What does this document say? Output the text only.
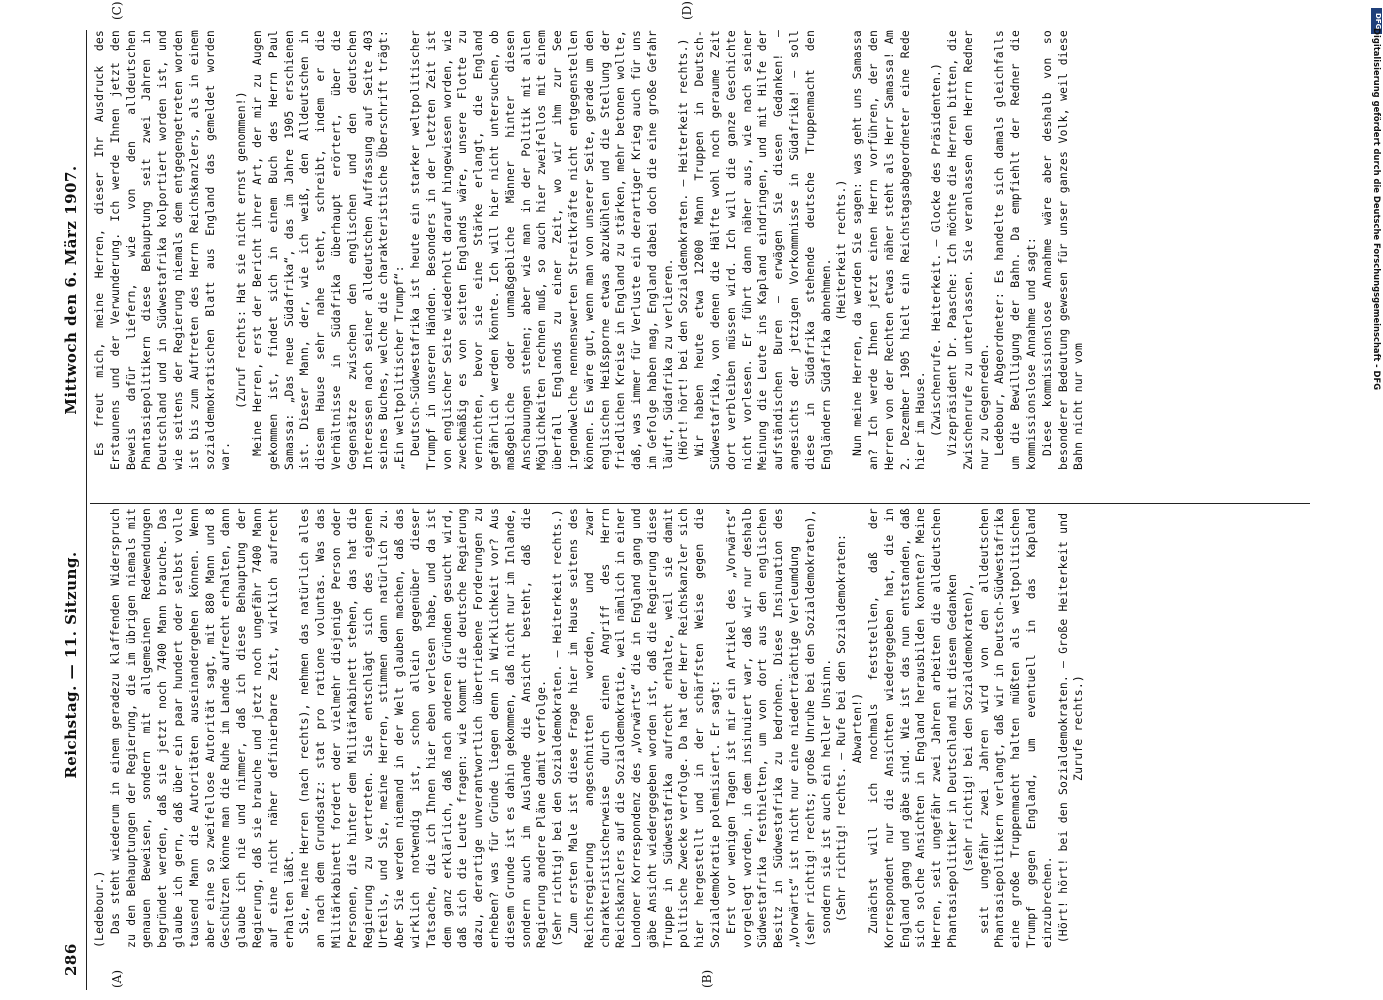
286
Reichstag. — 11. Sitzung.
Mittwoch den 6. März 1907.
(A)	(B)
(C)	(D)

(Ledebour.) Das steht wiederum in einem geradezu klaffenden Widerspruch zu den Behauptungen der Regierung, die im übrigen niemals mit genauen Beweisen, sondern mit allgemeinen Redewendungen begründet werden, daß sie jetzt noch 7400 Mann brauche. Das glaube ich gern, daß über ein paar hundert oder selbst volle tausend Mann die Autoritäten auseinandergehen können. Wenn aber eine so zweifellose Autorität sagt, mit 880 Mann und 8 Geschützen könne man die Ruhe im Lande aufrecht erhalten, dann glaube ich nie und nimmer, daß ich diese Behauptung der Regierung, daß sie brauche und jetzt noch ungefähr 7400 Mann auf eine nicht näher definierbare Zeit, wirklich aufrecht erhalten läßt. Sie, meine Herren (nach rechts), nehmen das natürlich alles an nach dem Grundsatz: stat pro ratione voluntas. Was das Militärkabinett fordert oder vielmehr diejenige Person oder Personen, die hinter dem Militärkabinett stehen, das hat die Regierung zu vertreten. Sie entschlägt sich des eigenen Urteils, und Sie, meine Herren, stimmen dann natürlich zu. Aber Sie werden niemand in der Welt glauben machen, daß das wirklich notwendig ist, schon allein gegenüber dieser Tatsache, die ich Ihnen hier eben verlesen habe, und da ist dem ganz erklärlich, daß nach anderen Gründen gesucht wird, daß sich die Leute fragen: wie kommt die deutsche Regierung dazu, derartige unverantwortlich übertriebene Forderungen zu erheben? was für Gründe liegen denn in Wirklichkeit vor? Aus diesem Grunde ist es dahin gekommen, daß nicht nur im Inlande, sondern auch im Auslande die Ansicht besteht, daß die Regierung andere Pläne damit verfolge. (Sehr richtig! bei den Sozialdemokraten. — Heiterkeit rechts.) Zum ersten Male ist diese Frage hier im Hause seitens des Reichsregierung angeschnitten worden, und zwar charakteristischerweise durch einen Angriff des Herrn Reichskanzlers auf die Sozialdemokratie, weil nämlich in einer Londoner Korrespondenz des „Vorwärts“ die in England gang und gäbe Ansicht wiedergegeben worden ist, daß die Regierung diese Truppe in Südwestafrika aufrecht erhalte, weil sie damit politische Zwecke verfolge. Da hat der Herr Reichskanzler sich hier hergestellt und in der schärfsten Weise gegen die Sozialdemokratie polemisiert. Er sagt: Erst vor wenigen Tagen ist mir ein Artikel des „Vorwärts“ vorgelegt worden, in dem insinuiert war, daß wir nur deshalb Südwestafrika festhielten, um von dort aus den englischen Besitz in Südwestafrika zu bedrohen. Diese Insinuation des „Vorwärts“ ist nicht nur eine niederträchtige Verleumdung (sehr richtig! rechts; große Unruhe bei den Sozialdemokraten), sondern sie ist auch ein heller Unsinn. (Sehr richtig! rechts. — Rufe bei den Sozialdemokraten: Abwarten!) Zunächst will ich nochmals feststellen, daß der Korrespondent nur die Ansichten wiedergegeben hat, die in England gang und gäbe sind. Wie ist das nun entstanden, daß sich solche Ansichten in England herausbilden konnten? Meine Herren, seit ungefähr zwei Jahren arbeiten die alldeutschen Phantasiepolitiker in Deutschland mit diesem Gedanken (sehr richtig! bei den Sozialdemokraten), seit ungefähr zwei Jahren wird von den alldeutschen Phantasiepolitikern verlangt, daß wir in Deutsch-Südwestafrika eine große Truppenmacht halten müßten als weltpolitischen Trumpf gegen England, um eventuell in das Kapland einzubrechen. (Hört! hört! bei den Sozialdemokraten. — Große Heiterkeit und Zurufe rechts.)

Es freut mich, meine Herren, dieser Ihr Ausdruck des Erstaunens und der Verwunderung. Ich werde Ihnen jetzt den Beweis dafür liefern, wie von den alldeutschen Phantasiepolitikern diese Behauptung seit zwei Jahren in Deutschland und in Südwestafrika kolportiert worden ist, und wie seitens der Regierung niemals dem entgegengetreten worden ist bis zum Auftreten des Herrn Reichskanzlers, als in einem sozialdemokratischen Blatt aus England das gemeldet worden war.

(Zuruf rechts: Hat sie nicht ernst genommen!) Meine Herren, erst der Bericht ihrer Art, der mir zu Augen gekommen ist, findet sich in einem Buch des Herrn Paul Samassa: „Das neue Südafrika“, das im Jahre 1905 erschienen ist. Dieser Mann, der, wie ich weiß, den Alldeutschen in diesem Hause sehr nahe steht, schreibt, indem er die Verhältnisse in Südafrika überhaupt erörtert, über die Gegensätze zwischen den englischen und den deutschen Interessen nach seiner alldeutschen Auffassung auf Seite 403 seines Buches, welche die charakteristische Überschrift trägt: „Ein weltpolitischer Trumpf“: Deutsch-Südwestafrika ist heute ein starker weltpolitischer Trumpf in unseren Händen. Besonders in der letzten Zeit ist von englischer Seite wiederholt darauf hingewiesen worden, wie zweckmäßig es von seiten Englands wäre, unsere Flotte zu vernichten, bevor sie eine Stärke erlangt, die England gefährlich werden könnte. Ich will hier nicht untersuchen, ob maßgebliche oder unmaßgebliche Männer hinter diesen Anschauungen stehen; aber wie man in der Politik mit allen Möglichkeiten rechnen muß, so auch hier zweifellos mit einem überfall Englands zu einer Zeit, wo wir ihm zur See irgendwelche nennenswerten Streitkräfte nicht entgegenstellen können. Es wäre gut, wenn man von unserer Seite, gerade um den englischen Heißsporne etwas abzukühlen und die Stellung der friedlichen Kreise in England zu stärken, mehr betonen wollte, daß, was immer für Verluste ein derartiger Krieg auch für uns im Gefolge haben mag, England dabei doch die eine große Gefahr läuft, Südafrika zu verlieren. (Hört! hört! bei den Sozialdemokraten. — Heiterkeit rechts.) Wir haben heute etwa 12000 Mann Truppen in Deutsch-Südwestafrika, von denen die Hälfte wohl noch geraume Zeit dort verbleiben müssen wird. Ich will die ganze Geschichte nicht vorlesen. Er führt dann näher aus, wie nach seiner Meinung die Leute ins Kapland eindringen, und mit Hilfe der aufständischen Buren — erwägen Sie diesen Gedanken! — angesichts der jetzigen Vorkommnisse in Südafrika! — soll diese in Südafrika stehende deutsche Truppenmacht den Engländern Südafrika abnehmen.

(Heiterkeit rechts.) Nun meine Herren, da werden Sie sagen: was geht uns Samassa an? Ich werde Ihnen jetzt einen Herrn vorführen, der den Herren von der Rechten etwas näher steht als Herr Samassa! Am 2. Dezember 1905 hielt ein Reichstagsabgeordneter eine Rede hier im Hause. (Zwischenrufe. Heiterkeit. — Glocke des Präsidenten.) Vizepräsident Dr. Paasche: Ich möchte die Herren bitten, die Zwischenrufe zu unterlassen. Sie veranlassen den Herrn Redner nur zu Gegenreden. Ledebour, Abgeordneter: Es handelte sich damals gleichfalls um die Bewilligung der Bahn. Da empfiehlt der Redner die kommissionslose Annahme und sagt: Diese kommissionslose Annahme wäre aber deshalb von so besonderer Bedeutung gewesen für unser ganzes Volk, weil diese Bahn nicht nur vom

DFG
Digitalisierung gefördert durch die Deutsche Forschungsgemeinschaft - DFG
